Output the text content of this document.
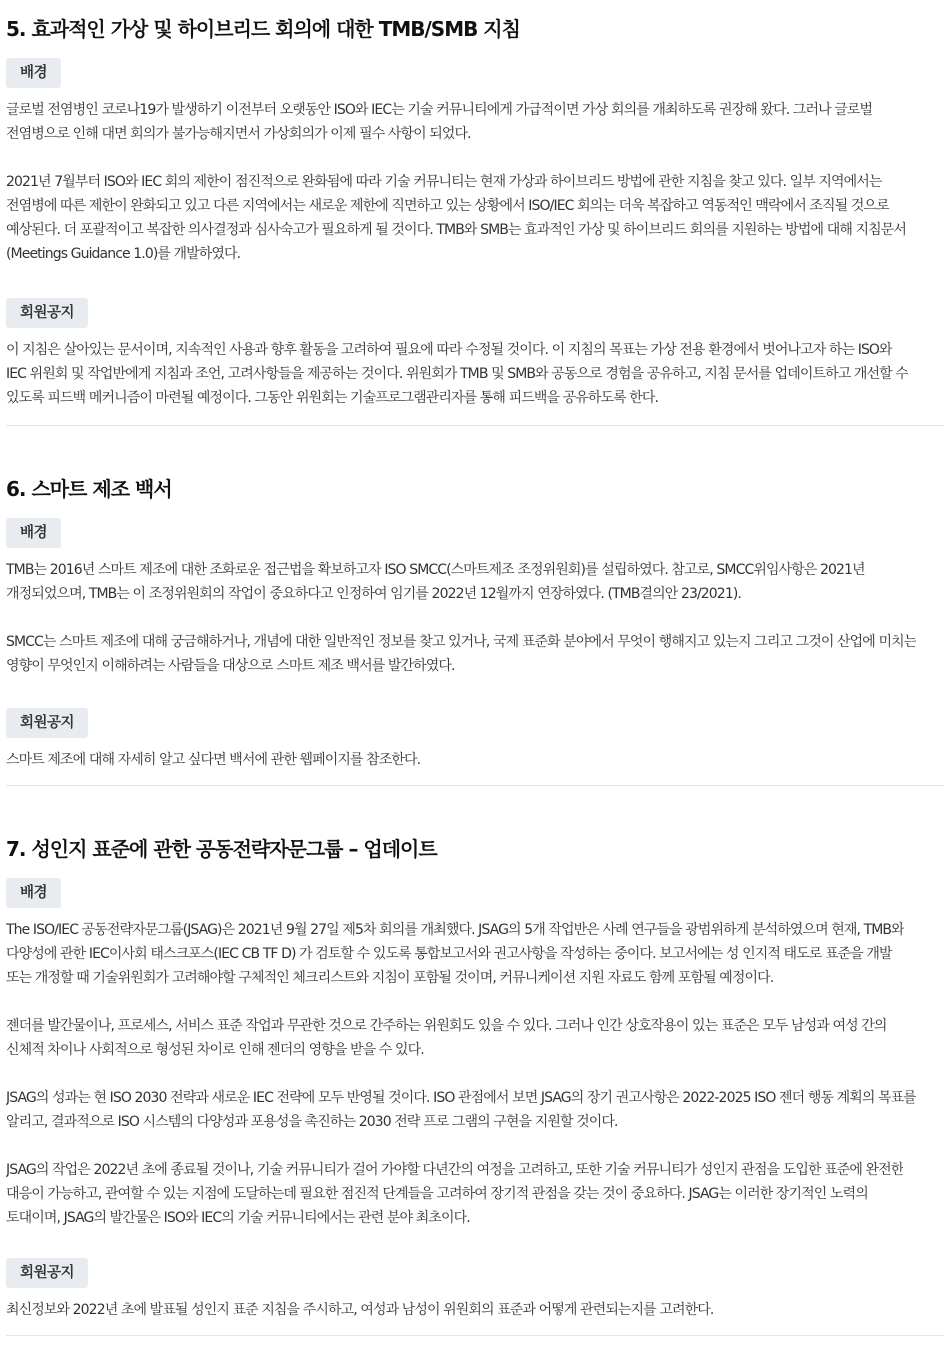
5. 효과적인 가상 및 하이브리드 회의에 대한 TMB/SMB 지침
배경

글로벌 전염병인 코로나19가 발생하기 이전부터 오랫동안 ISO와 IEC는 기술 커뮤니티에게 가급적이면 가상 회의를 개최하도록 권장해 왔다. 그러나 글로벌
전염병으로 인해 대면 회의가 불가능해지면서 가상회의가 이제 필수 사항이 되었다.

2021년 7월부터 ISO와 IEC 회의 제한이 점진적으로 완화됨에 따라 기술 커뮤니티는 현재 가상과 하이브리드 방법에 관한 지침을 찾고 있다. 일부 지역에서는
전염병에 따른 제한이 완화되고 있고 다른 지역에서는 새로운 제한에 직면하고 있는 상황에서 ISO/IEC 회의는 더욱 복잡하고 역동적인 맥락에서 조직될 것으로
예상된다. 더 포괄적이고 복잡한 의사결정과 심사숙고가 필요하게 될 것이다. TMB와 SMB는 효과적인 가상 및 하이브리드 회의를 지원하는 방법에 대해 지침문서
(Meetings Guidance 1.0)를 개발하였다.

회원공지

이 지침은 살아있는 문서이며, 지속적인 사용과 향후 활동을 고려하여 필요에 따라 수정될 것이다. 이 지침의 목표는 가상 전용 환경에서 벗어나고자 하는 ISO와
IEC 위원회 및 작업반에게 지침과 조언, 고려사항들을 제공하는 것이다. 위원회가 TMB 및 SMB와 공동으로 경험을 공유하고, 지침 문서를 업데이트하고 개선할 수
있도록 피드백 메커니즘이 마련될 예정이다. 그동안 위원회는 기술프로그램관리자를 통해 피드백을 공유하도록 한다.

6. 스마트 제조 백서
배경

TMB는 2016년 스마트 제조에 대한 조화로운 접근법을 확보하고자 ISO SMCC(스마트제조 조정위원회)를 설립하였다. 참고로, SMCC위임사항은 2021년
개정되었으며, TMB는 이 조정위원회의 작업이 중요하다고 인정하여 임기를 2022년 12월까지 연장하였다. (TMB결의안 23/2021).

SMCC는 스마트 제조에 대해 궁금해하거나, 개념에 대한 일반적인 정보를 찾고 있거나, 국제 표준화 분야에서 무엇이 행해지고 있는지 그리고 그것이 산업에 미치는
영향이 무엇인지 이해하려는 사람들을 대상으로 스마트 제조 백서를 발간하였다.

회원공지

스마트 제조에 대해 자세히 알고 싶다면 백서에 관한 웹페이지를 참조한다.

7. 성인지 표준에 관한 공동전략자문그룹 – 업데이트
배경

The ISO/IEC 공동전략자문그룹(JSAG)은 2021년 9월 27일 제5차 회의를 개최했다. JSAG의 5개 작업반은 사례 연구들을 광범위하게 분석하였으며 현재, TMB와
다양성에 관한 IEC이사회 태스크포스(IEC CB TF D) 가 검토할 수 있도록 통합보고서와 권고사항을 작성하는 중이다. 보고서에는 성 인지적 태도로 표준을 개발
또는 개정할 때 기술위원회가 고려해야할 구체적인 체크리스트와 지침이 포함될 것이며, 커뮤니케이션 지원 자료도 함께 포함될 예정이다.

젠더를 발간물이나, 프로세스, 서비스 표준 작업과 무관한 것으로 간주하는 위원회도 있을 수 있다. 그러나 인간 상호작용이 있는 표준은 모두 남성과 여성 간의
신체적 차이나 사회적으로 형성된 차이로 인해 젠더의 영향을 받을 수 있다.

JSAG의 성과는 현 ISO 2030 전략과 새로운 IEC 전략에 모두 반영될 것이다. ISO 관점에서 보면 JSAG의 장기 권고사항은 2022-2025 ISO 젠더 행동 계획의 목표를
알리고, 결과적으로 ISO 시스템의 다양성과 포용성을 촉진하는 2030 전략 프로 그램의 구현을 지원할 것이다.

JSAG의 작업은 2022년 초에 종료될 것이나, 기술 커뮤니티가 걸어 가야할 다년간의 여정을 고려하고, 또한 기술 커뮤니티가 성인지 관점을 도입한 표준에 완전한
대응이 가능하고, 관여할 수 있는 지점에 도달하는데 필요한 점진적 단계들을 고려하여 장기적 관점을 갖는 것이 중요하다. JSAG는 이러한 장기적인 노력의
토대이며, JSAG의 발간물은 ISO와 IEC의 기술 커뮤니티에서는 관련 분야 최초이다.

회원공지

최신정보와 2022년 초에 발표될 성인지 표준 지침을 주시하고, 여성과 남성이 위원회의 표준과 어떻게 관련되는지를 고려한다.
